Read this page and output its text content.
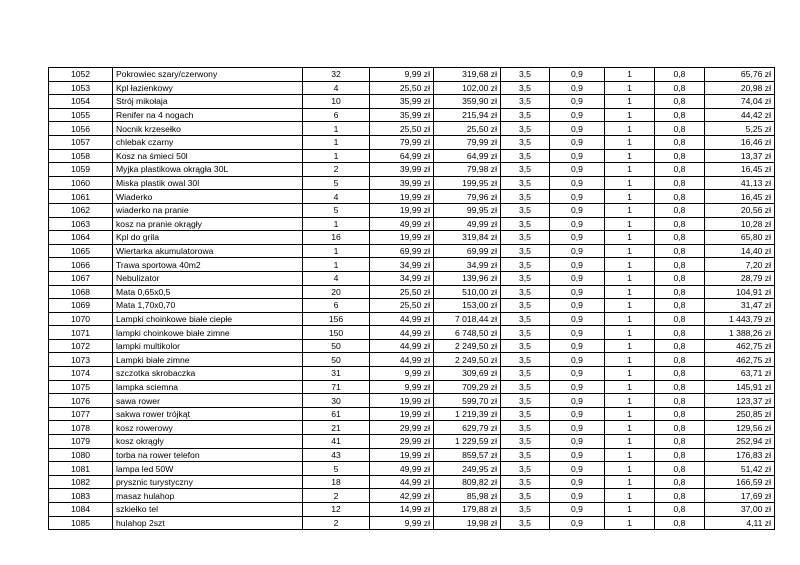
1052	Pokrowiec szary/czerwony	32	9,99 zł	319,68 zł	3,5	0,9	1	0,8	65,76 zł
1053	Kpl łazienkowy	4	25,50 zł	102,00 zł	3,5	0,9	1	0,8	20,98 zł
1054	Strój mikołaja	10	35,99 zł	359,90 zł	3,5	0,9	1	0,8	74,04 zł
1055	Renifer na 4 nogach	6	35,99 zł	215,94 zł	3,5	0,9	1	0,8	44,42 zł
1056	Nocnik krzesełko	1	25,50 zł	25,50 zł	3,5	0,9	1	0,8	5,25 zł
1057	chlebak czarny	1	79,99 zł	79,99 zł	3,5	0,9	1	0,8	16,46 zł
1058	Kosz na śmieci 50l	1	64,99 zł	64,99 zł	3,5	0,9	1	0,8	13,37 zł
1059	Myjka plastikowa okrągła 30L	2	39,99 zł	79,98 zł	3,5	0,9	1	0,8	16,45 zł
1060	Miska plastik owal 30l	5	39,99 zł	199,95 zł	3,5	0,9	1	0,8	41,13 zł
1061	Wiaderko	4	19,99 zł	79,96 zł	3,5	0,9	1	0,8	16,45 zł
1062	wiaderko na pranie	5	19,99 zł	99,95 zł	3,5	0,9	1	0,8	20,56 zł
1063	kosz na pranie okrągły	1	49,99 zł	49,99 zł	3,5	0,9	1	0,8	10,28 zł
1064	Kpl do grila	16	19,99 zł	319,84 zł	3,5	0,9	1	0,8	65,80 zł
1065	Wiertarka akumulatorowa	1	69,99 zł	69,99 zł	3,5	0,9	1	0,8	14,40 zł
1066	Trawa sportowa 40m2	1	34,99 zł	34,99 zł	3,5	0,9	1	0,8	7,20 zł
1067	Nebulizator	4	34,99 zł	139,96 zł	3,5	0,9	1	0,8	28,79 zł
1068	Mata 0,65x0,5	20	25,50 zł	510,00 zł	3,5	0,9	1	0,8	104,91 zł
1069	Mata 1,70x0,70	6	25,50 zł	153,00 zł	3,5	0,9	1	0,8	31,47 zł
1070	Lampki choinkowe białe ciepłe	156	44,99 zł	7 018,44 zł	3,5	0,9	1	0,8	1 443,79 zł
1071	lampki choinkowe białe zimne	150	44,99 zł	6 748,50 zł	3,5	0,9	1	0,8	1 388,26 zł
1072	lampki multikolor	50	44,99 zł	2 249,50 zł	3,5	0,9	1	0,8	462,75 zł
1073	Lampki białe zimne	50	44,99 zł	2 249,50 zł	3,5	0,9	1	0,8	462,75 zł
1074	szczotka skrobaczka	31	9,99 zł	309,69 zł	3,5	0,9	1	0,8	63,71 zł
1075	lampka sciemna	71	9,99 zł	709,29 zł	3,5	0,9	1	0,8	145,91 zł
1076	sawa rower	30	19,99 zł	599,70 zł	3,5	0,9	1	0,8	123,37 zł
1077	sakwa rower trójkąt	61	19,99 zł	1 219,39 zł	3,5	0,9	1	0,8	250,85 zł
1078	kosz rowerowy	21	29,99 zł	629,79 zł	3,5	0,9	1	0,8	129,56 zł
1079	kosz okrągły	41	29,99 zł	1 229,59 zł	3,5	0,9	1	0,8	252,94 zł
1080	torba na rower telefon	43	19,99 zł	859,57 zł	3,5	0,9	1	0,8	176,83 zł
1081	lampa led 50W	5	49,99 zł	249,95 zł	3,5	0,9	1	0,8	51,42 zł
1082	prysznic turystyczny	18	44,99 zł	809,82 zł	3,5	0,9	1	0,8	166,59 zł
1083	masaz hulahop	2	42,99 zł	85,98 zł	3,5	0,9	1	0,8	17,69 zł
1084	szkiełko tel	12	14,99 zł	179,88 zł	3,5	0,9	1	0,8	37,00 zł
1085	hulahop 2szt	2	9,99 zł	19,98 zł	3,5	0,9	1	0,8	4,11 zł
